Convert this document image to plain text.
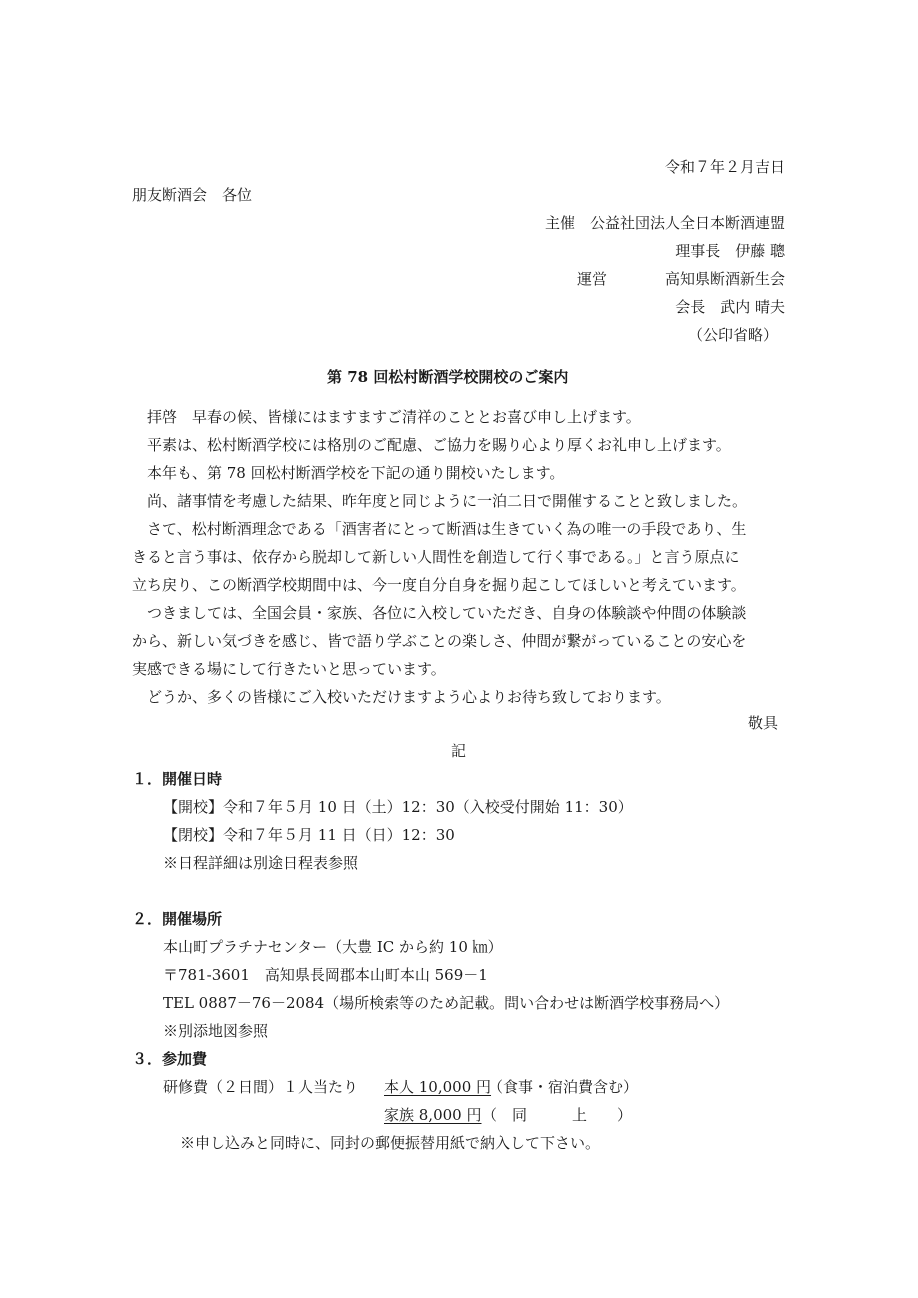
令和７年２月吉日
朋友断酒会　各位
主催　公益社団法人全日本断酒連盟
理事長　伊藤 聰
運営	高知県断酒新生会
会長　武内 晴夫
（公印省略）
第 78 回松村断酒学校開校のご案内
拝啓　早春の候、皆様にはますますご清祥のこととお喜び申し上げます。
平素は、松村断酒学校には格別のご配慮、ご協力を賜り心より厚くお礼申し上げます。
本年も、第 78 回松村断酒学校を下記の通り開校いたします。
尚、諸事情を考慮した結果、昨年度と同じように一泊二日で開催することと致しました。
さて、松村断酒理念である「酒害者にとって断酒は生きていく為の唯一の手段であり、生
きると言う事は、依存から脱却して新しい人間性を創造して行く事である。」と言う原点に
立ち戻り、この断酒学校期間中は、今一度自分自身を掘り起こしてほしいと考えています。
つきましては、全国会員・家族、各位に入校していただき、自身の体験談や仲間の体験談
から、新しい気づきを感じ、皆で語り学ぶことの楽しさ、仲間が繋がっていることの安心を
実感できる場にして行きたいと思っています。
どうか、多くの皆様にご入校いただけますよう心よりお待ち致しております。
敬具
記
１．開催日時
【開校】令和７年５月 10 日（土）12：30（入校受付開始 11：30）
【閉校】令和７年５月 11 日（日）12：30
※日程詳細は別途日程表参照
２．開催場所
本山町プラチナセンター（大豊 IC から約 10 ㎞）
〒781-3601　高知県長岡郡本山町本山 569－1
TEL 0887－76－2084（場所検索等のため記載。問い合わせは断酒学校事務局へ）
※別添地図参照
３．参加費
研修費（２日間）１人当たり 本人 10,000 円
（食事・宿泊費含む）
家族 8,000 円 （　同　　　上　　）
※申し込みと同時に、同封の郵便振替用紙で納入して下さい。
